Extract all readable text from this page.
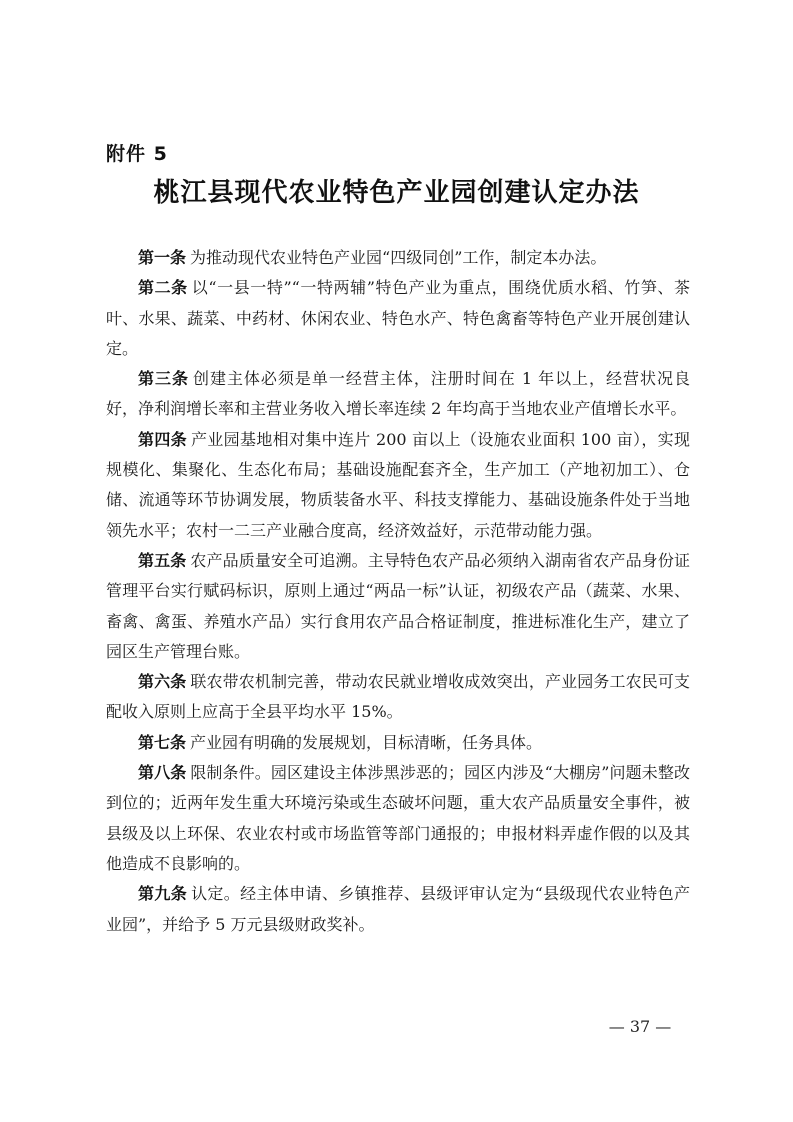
附件 5
桃江县现代农业特色产业园创建认定办法

第一条 为推动现代农业特色产业园“四级同创”工作，制定本办法。

第二条 以“一县一特”“一特两辅”特色产业为重点，围绕优质水稻、竹笋、茶叶、水果、蔬菜、中药材、休闲农业、特色水产、特色禽畜等特色产业开展创建认定。

第三条 创建主体必须是单一经营主体，注册时间在 1 年以上，经营状况良好，净利润增长率和主营业务收入增长率连续 2 年均高于当地农业产值增长水平。

第四条 产业园基地相对集中连片 200 亩以上（设施农业面积 100 亩），实现规模化、集聚化、生态化布局；基础设施配套齐全，生产加工（产地初加工）、仓储、流通等环节协调发展，物质装备水平、科技支撑能力、基础设施条件处于当地领先水平；农村一二三产业融合度高，经济效益好，示范带动能力强。

第五条 农产品质量安全可追溯。主导特色农产品必须纳入湖南省农产品身份证管理平台实行赋码标识，原则上通过“两品一标”认证，初级农产品（蔬菜、水果、畜禽、禽蛋、养殖水产品）实行食用农产品合格证制度，推进标准化生产，建立了园区生产管理台账。

第六条 联农带农机制完善，带动农民就业增收成效突出，产业园务工农民可支配收入原则上应高于全县平均水平 15%。

第七条 产业园有明确的发展规划，目标清晰，任务具体。

第八条 限制条件。园区建设主体涉黑涉恶的；园区内涉及“大棚房”问题未整改到位的；近两年发生重大环境污染或生态破坏问题，重大农产品质量安全事件，被县级及以上环保、农业农村或市场监管等部门通报的；申报材料弄虚作假的以及其他造成不良影响的。

第九条 认定。经主体申请、乡镇推荐、县级评审认定为“县级现代农业特色产业园”，并给予 5 万元县级财政奖补。

— 37 —
